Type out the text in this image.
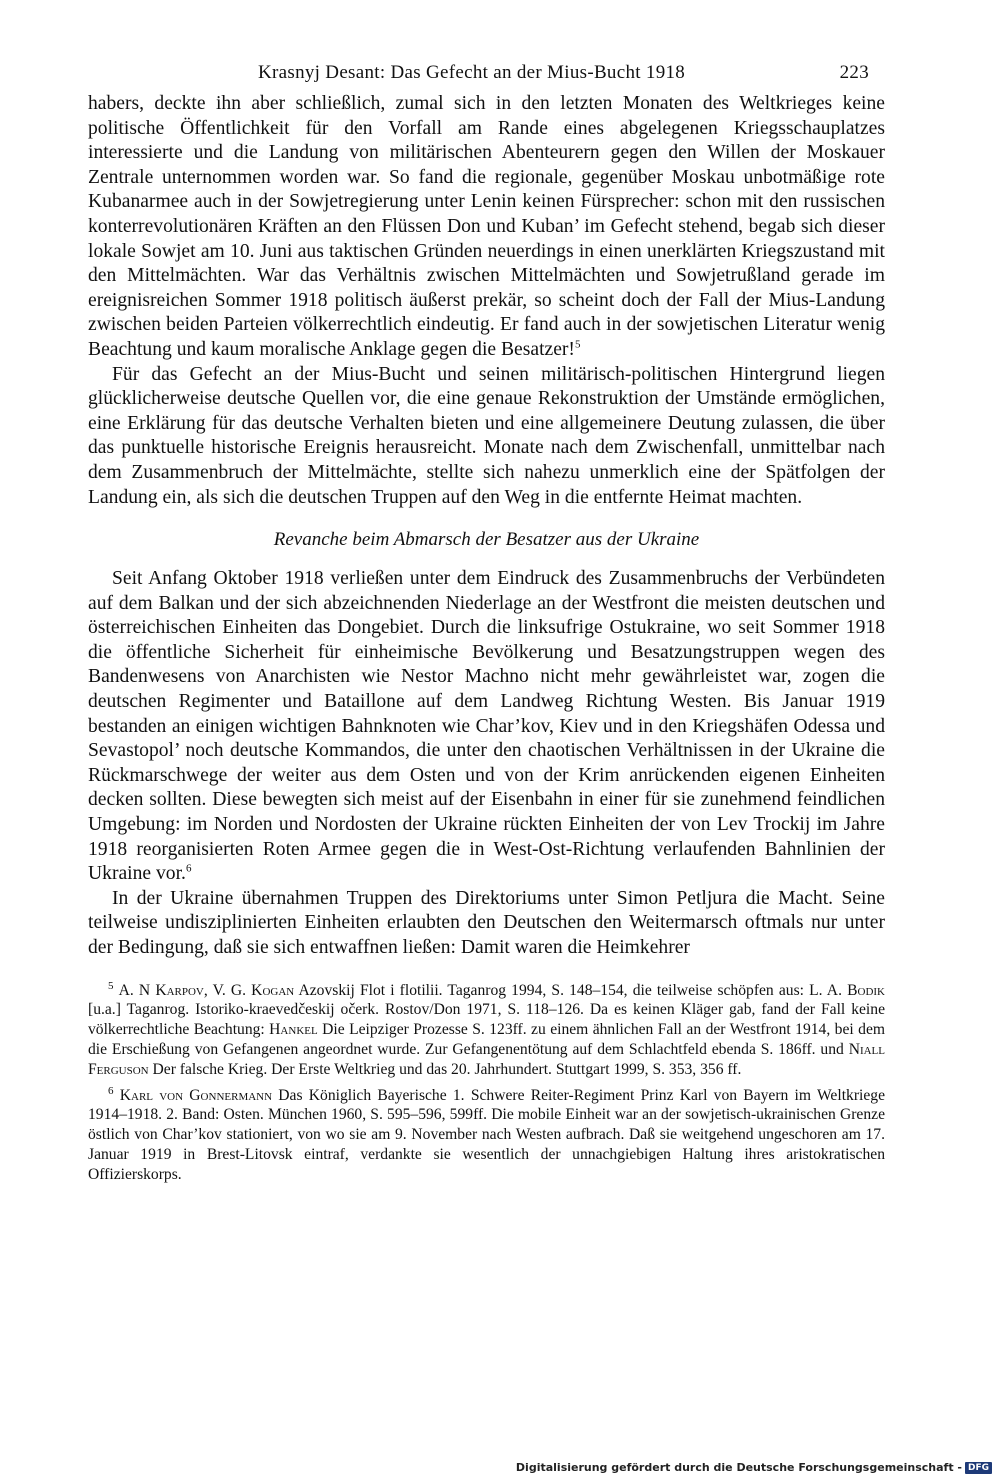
Krasnyj Desant: Das Gefecht an der Mius-Bucht 1918	223

habers, deckte ihn aber schließlich, zumal sich in den letzten Monaten des Weltkrieges keine politische Öffentlichkeit für den Vorfall am Rande eines abgelegenen Kriegsschauplatzes interessierte und die Landung von militärischen Abenteurern gegen den Willen der Moskauer Zentrale unternommen worden war. So fand die regionale, gegenüber Moskau unbotmäßige rote Kubanarmee auch in der Sowjetregierung unter Lenin keinen Fürsprecher: schon mit den russischen konterrevolutionären Kräften an den Flüssen Don und Kuban’ im Gefecht stehend, begab sich dieser lokale Sowjet am 10. Juni aus taktischen Gründen neuerdings in einen unerklärten Kriegszustand mit den Mittelmächten. War das Verhältnis zwischen Mittelmächten und Sowjetrußland gerade im ereignisreichen Sommer 1918 politisch äußerst prekär, so scheint doch der Fall der Mius-Landung zwischen beiden Parteien völkerrechtlich eindeutig. Er fand auch in der sowjetischen Literatur wenig Beachtung und kaum moralische Anklage gegen die Besatzer!$^5$

Für das Gefecht an der Mius-Bucht und seinen militärisch-politischen Hintergrund liegen glücklicherweise deutsche Quellen vor, die eine genaue Rekonstruktion der Umstände ermöglichen, eine Erklärung für das deutsche Verhalten bieten und eine allgemeinere Deutung zulassen, die über das punktuelle historische Ereignis herausreicht. Monate nach dem Zwischenfall, unmittelbar nach dem Zusammenbruch der Mittelmächte, stellte sich nahezu unmerklich eine der Spätfolgen der Landung ein, als sich die deutschen Truppen auf den Weg in die entfernte Heimat machten.

Revanche beim Abmarsch der Besatzer aus der Ukraine

Seit Anfang Oktober 1918 verließen unter dem Eindruck des Zusammenbruchs der Verbündeten auf dem Balkan und der sich abzeichnenden Niederlage an der Westfront die meisten deutschen und österreichischen Einheiten das Dongebiet. Durch die linksufrige Ostukraine, wo seit Sommer 1918 die öffentliche Sicherheit für einheimische Bevölkerung und Besatzungstruppen wegen des Bandenwesens von Anarchisten wie Nestor Machno nicht mehr gewährleistet war, zogen die deutschen Regimenter und Bataillone auf dem Landweg Richtung Westen. Bis Januar 1919 bestanden an einigen wichtigen Bahnknoten wie Char’kov, Kiev und in den Kriegshäfen Odessa und Sevastopol’ noch deutsche Kommandos, die unter den chaotischen Verhältnissen in der Ukraine die Rückmarschwege der weiter aus dem Osten und von der Krim anrückenden eigenen Einheiten decken sollten. Diese bewegten sich meist auf der Eisenbahn in einer für sie zunehmend feindlichen Umgebung: im Norden und Nordosten der Ukraine rückten Einheiten der von Lev Trockij im Jahre 1918 reorganisierten Roten Armee gegen die in West-Ost-Richtung verlaufenden Bahnlinien der Ukraine vor.$^6$

In der Ukraine übernahmen Truppen des Direktoriums unter Simon Petljura die Macht. Seine teilweise undisziplinierten Einheiten erlaubten den Deutschen den Weitermarsch oftmals nur unter der Bedingung, daß sie sich entwaffnen ließen: Damit waren die Heimkehrer

$^5$ A. N Karpov, V. G. Kogan Azovskij Flot i flotilii. Taganrog 1994, S. 148–154, die teilweise schöpfen aus: L. A. Bodik [u.a.] Taganrog. Istoriko-kraevedčeskij očerk. Rostov/Don 1971, S. 118–126. Da es keinen Kläger gab, fand der Fall keine völkerrechtliche Beachtung: Hankel Die Leipziger Prozesse S. 123ff. zu einem ähnlichen Fall an der Westfront 1914, bei dem die Erschießung von Gefangenen angeordnet wurde. Zur Gefangenentötung auf dem Schlachtfeld ebenda S. 186ff. und Niall Ferguson Der falsche Krieg. Der Erste Weltkrieg und das 20. Jahrhundert. Stuttgart 1999, S. 353, 356 ff.

$^6$ Karl von Gonnermann Das Königlich Bayerische 1. Schwere Reiter-Regiment Prinz Karl von Bayern im Weltkriege 1914–1918. 2. Band: Osten. München 1960, S. 595–596, 599ff. Die mobile Einheit war an der sowjetisch-ukrainischen Grenze östlich von Char’kov stationiert, von wo sie am 9. November nach Westen aufbrach. Daß sie weitgehend ungeschoren am 17. Januar 1919 in Brest-Litovsk eintraf, verdankte sie wesentlich der unnachgiebigen Haltung ihres aristokratischen Offizierskorps.

Digitalisierung gefördert durch die Deutsche Forschungsgemeinschaft - DFG
